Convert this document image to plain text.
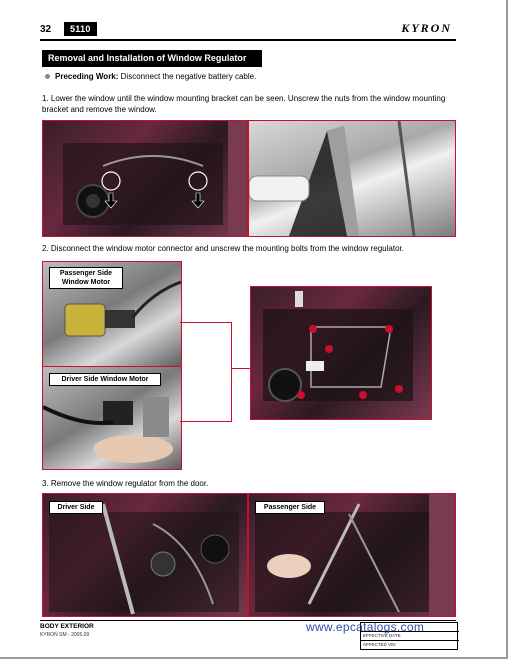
32	5110	KYRON
Removal and Installation of Window Regulator
Preceding Work: Disconnect the negative battery cable.
1. Lower the window until the window mounting bracket can be seen. Unscrew the nuts from the window mounting bracket and remove the window.
2. Disconnect the window motor connector and unscrew the mounting bolts from the window regulator.
Passenger Side Window Motor
Driver Side Window Motor
3. Remove the window regulator from the door.
Driver Side	Passenger Side
BODY EXTERIOR
KYRON SM - 2005.09	EFFECTIVE DATE
AFFECTED VIN
www.epcatalogs.com
